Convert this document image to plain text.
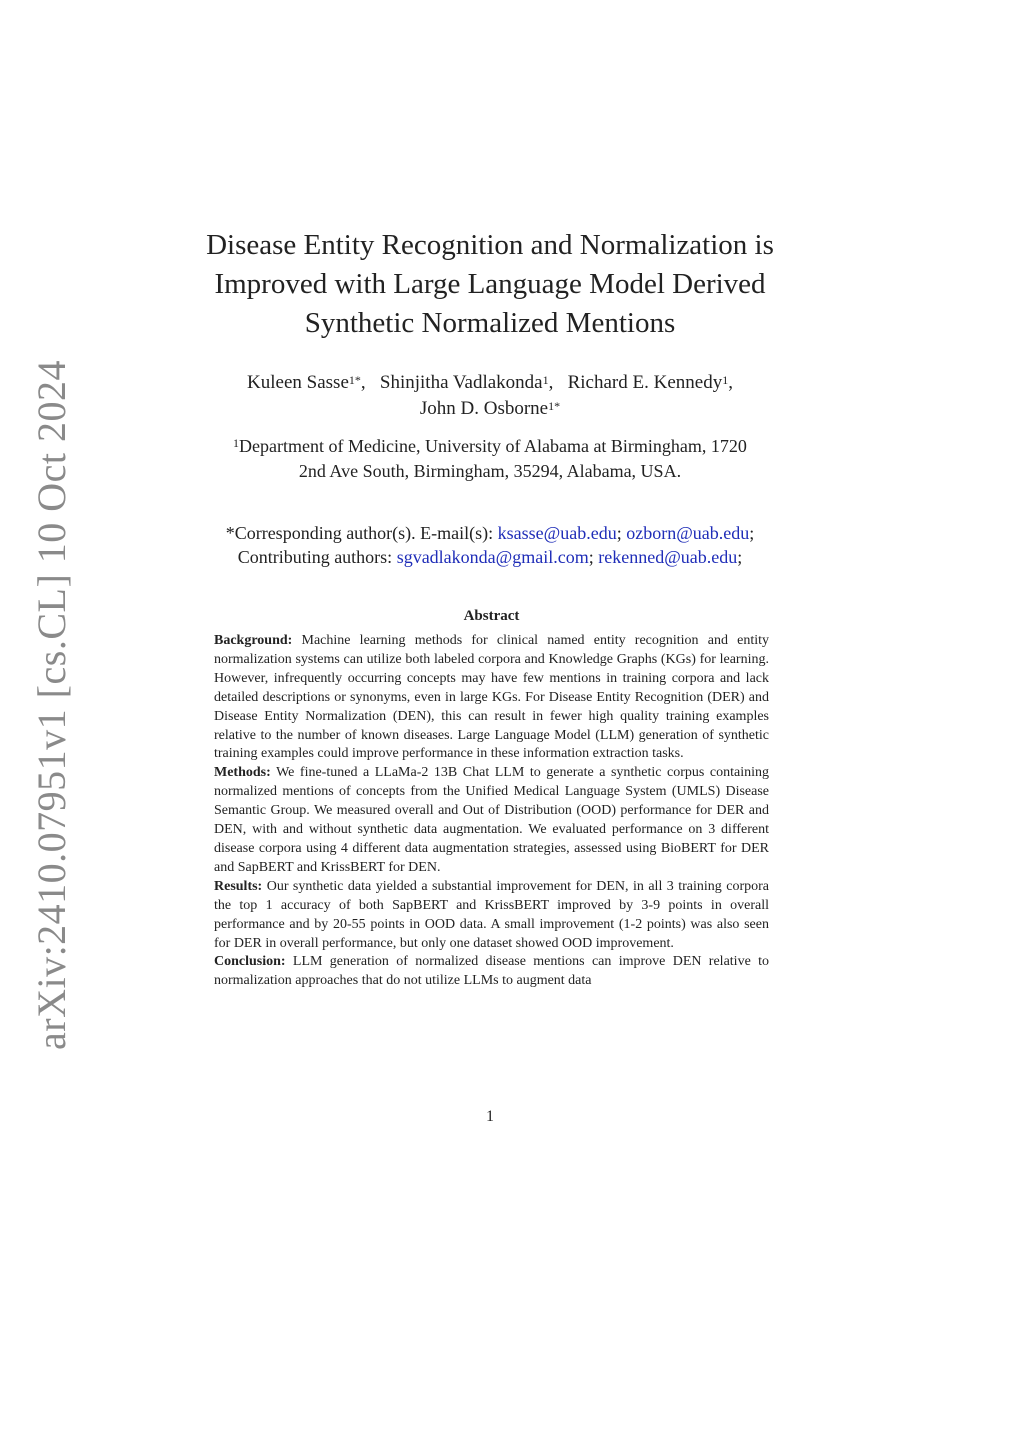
arXiv:2410.07951v1 [cs.CL] 10 Oct 2024
Disease Entity Recognition and Normalization is
Improved with Large Language Model Derived
Synthetic Normalized Mentions
Kuleen Sasse$^{1*}$, Shinjitha Vadlakonda$^1$, Richard E. Kennedy$^1$,
John D. Osborne$^{1*}$
$^1$Department of Medicine, University of Alabama at Birmingham, 1720
2nd Ave South, Birmingham, 35294, Alabama, USA.
*Corresponding author(s). E-mail(s): ksasse@uab.edu; ozborn@uab.edu;
Contributing authors: sgvadlakonda@gmail.com; rekenned@uab.edu;
Abstract

Background: Machine learning methods for clinical named entity recognition and entity normalization systems can utilize both labeled corpora and Knowledge Graphs (KGs) for learning. However, infrequently occurring concepts may have few mentions in training corpora and lack detailed descriptions or synonyms, even in large KGs. For Disease Entity Recognition (DER) and Disease Entity Normalization (DEN), this can result in fewer high quality training examples relative to the number of known diseases. Large Language Model (LLM) generation of synthetic training examples could improve performance in these information extraction tasks.

Methods: We fine-tuned a LLaMa-2 13B Chat LLM to generate a synthetic corpus containing normalized mentions of concepts from the Unified Medical Language System (UMLS) Disease Semantic Group. We measured overall and Out of Distribution (OOD) performance for DER and DEN, with and without synthetic data augmentation. We evaluated performance on 3 different disease corpora using 4 different data augmentation strategies, assessed using BioBERT for DER and SapBERT and KrissBERT for DEN.

Results: Our synthetic data yielded a substantial improvement for DEN, in all 3 training corpora the top 1 accuracy of both SapBERT and KrissBERT improved by 3-9 points in overall performance and by 20-55 points in OOD data. A small improvement (1-2 points) was also seen for DER in overall performance, but only one dataset showed OOD improvement.

Conclusion: LLM generation of normalized disease mentions can improve DEN relative to normalization approaches that do not utilize LLMs to augment data

1
